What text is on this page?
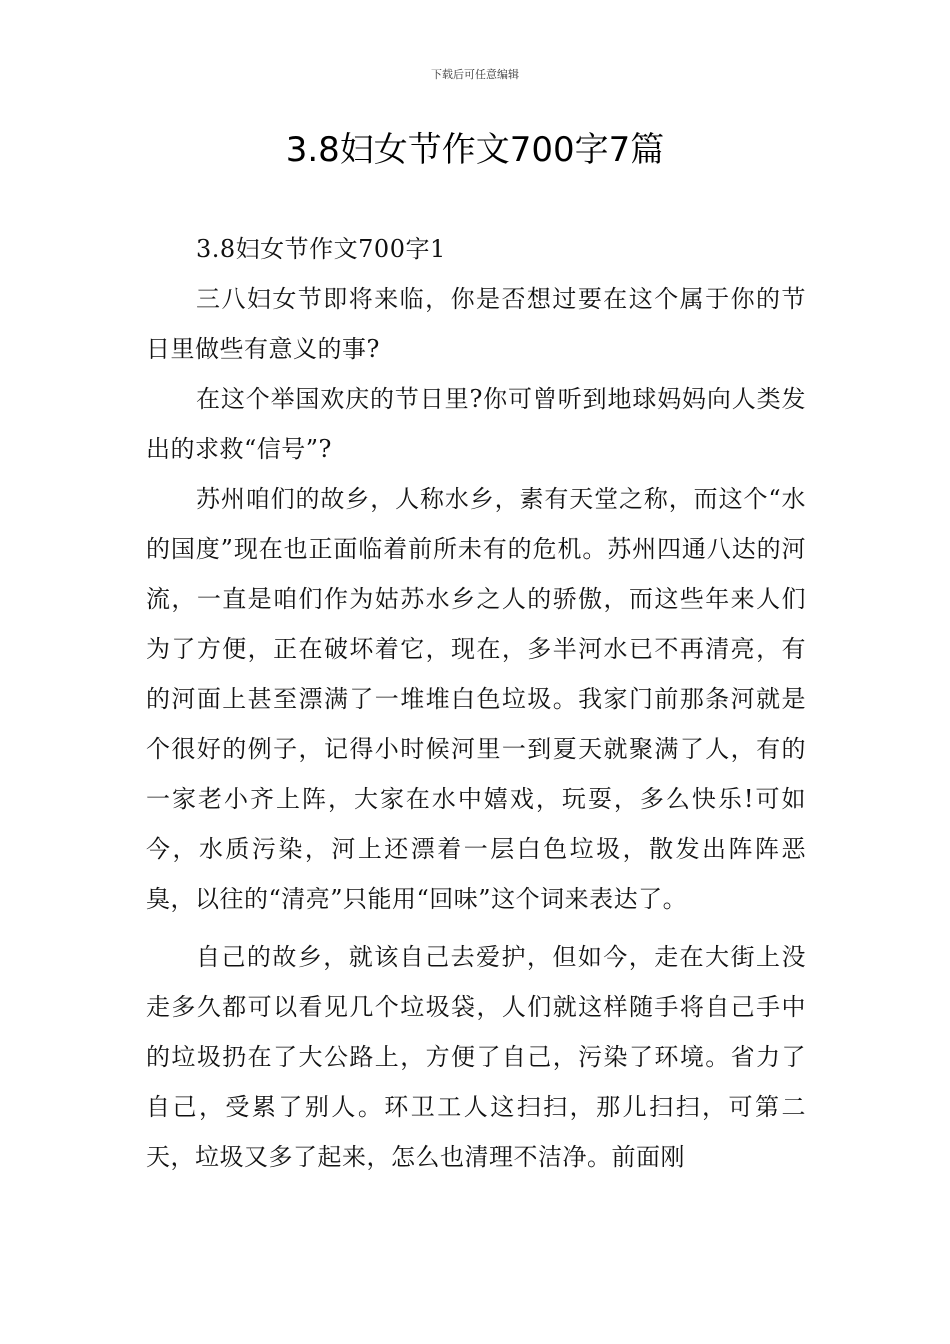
下载后可任意编辑
3.8妇女节作文700字7篇

3.8妇女节作文700字1

三八妇女节即将来临，你是否想过要在这个属于你的节日里做些有意义的事?

在这个举国欢庆的节日里?你可曾听到地球妈妈向人类发出的求救“信号”?

苏州咱们的故乡，人称水乡，素有天堂之称，而这个“水的国度”现在也正面临着前所未有的危机。苏州四通八达的河流，一直是咱们作为姑苏水乡之人的骄傲，而这些年来人们为了方便，正在破坏着它，现在，多半河水已不再清亮，有的河面上甚至漂满了一堆堆白色垃圾。我家门前那条河就是个很好的例子，记得小时候河里一到夏天就聚满了人，有的一家老小齐上阵，大家在水中嬉戏，玩耍，多么快乐!可如今，水质污染，河上还漂着一层白色垃圾，散发出阵阵恶臭，以往的“清亮”只能用“回味”这个词来表达了。

自己的故乡，就该自己去爱护，但如今，走在大街上没走多久都可以看见几个垃圾袋，人们就这样随手将自己手中的垃圾扔在了大公路上，方便了自己，污染了环境。省力了自己，受累了别人。环卫工人这扫扫，那儿扫扫，可第二天，垃圾又多了起来，怎么也清理不洁净。前面刚
